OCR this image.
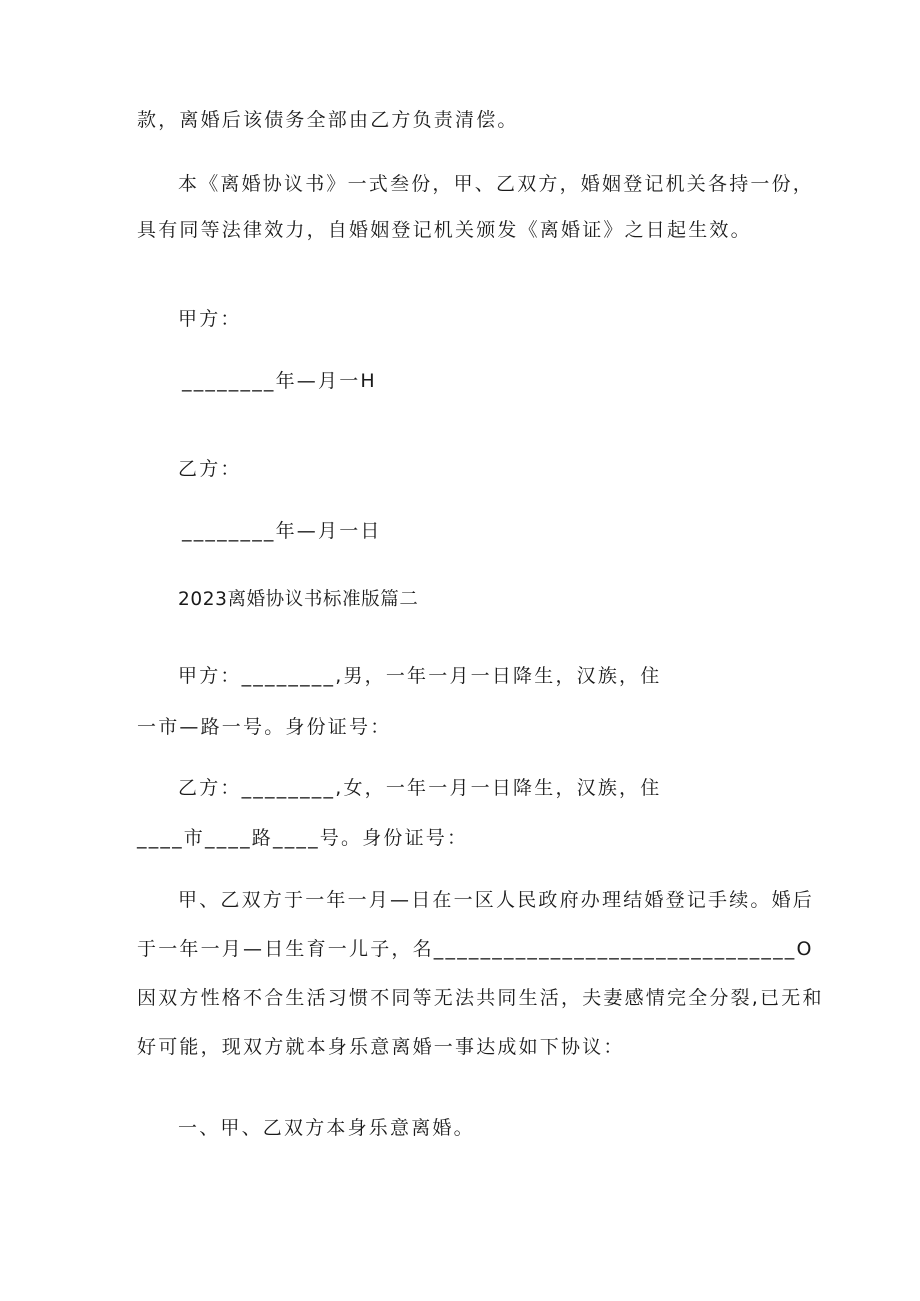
款，离婚后该债务全部由乙方负责清偿。
本《离婚协议书》一式叁份，甲、乙双方，婚姻登记机关各持一份，
具有同等法律效力，自婚姻登记机关颁发《离婚证》之日起生效。
甲方：
________年—月一H
乙方：
________年—月一日
2023离婚协议书标准版篇二
甲方：________,男，一年一月一日降生，汉族，住
一市—路一号。身份证号：
乙方：________,女，一年一月一日降生，汉族，住
____市____路____号。身份证号：
甲、乙双方于一年一月—日在一区人民政府办理结婚登记手续。婚后
于一年一月—日生育一儿子，名_______________________________O
因双方性格不合生活习惯不同等无法共同生活，夫妻感情完全分裂,已无和
好可能，现双方就本身乐意离婚一事达成如下协议：
一、甲、乙双方本身乐意离婚。
